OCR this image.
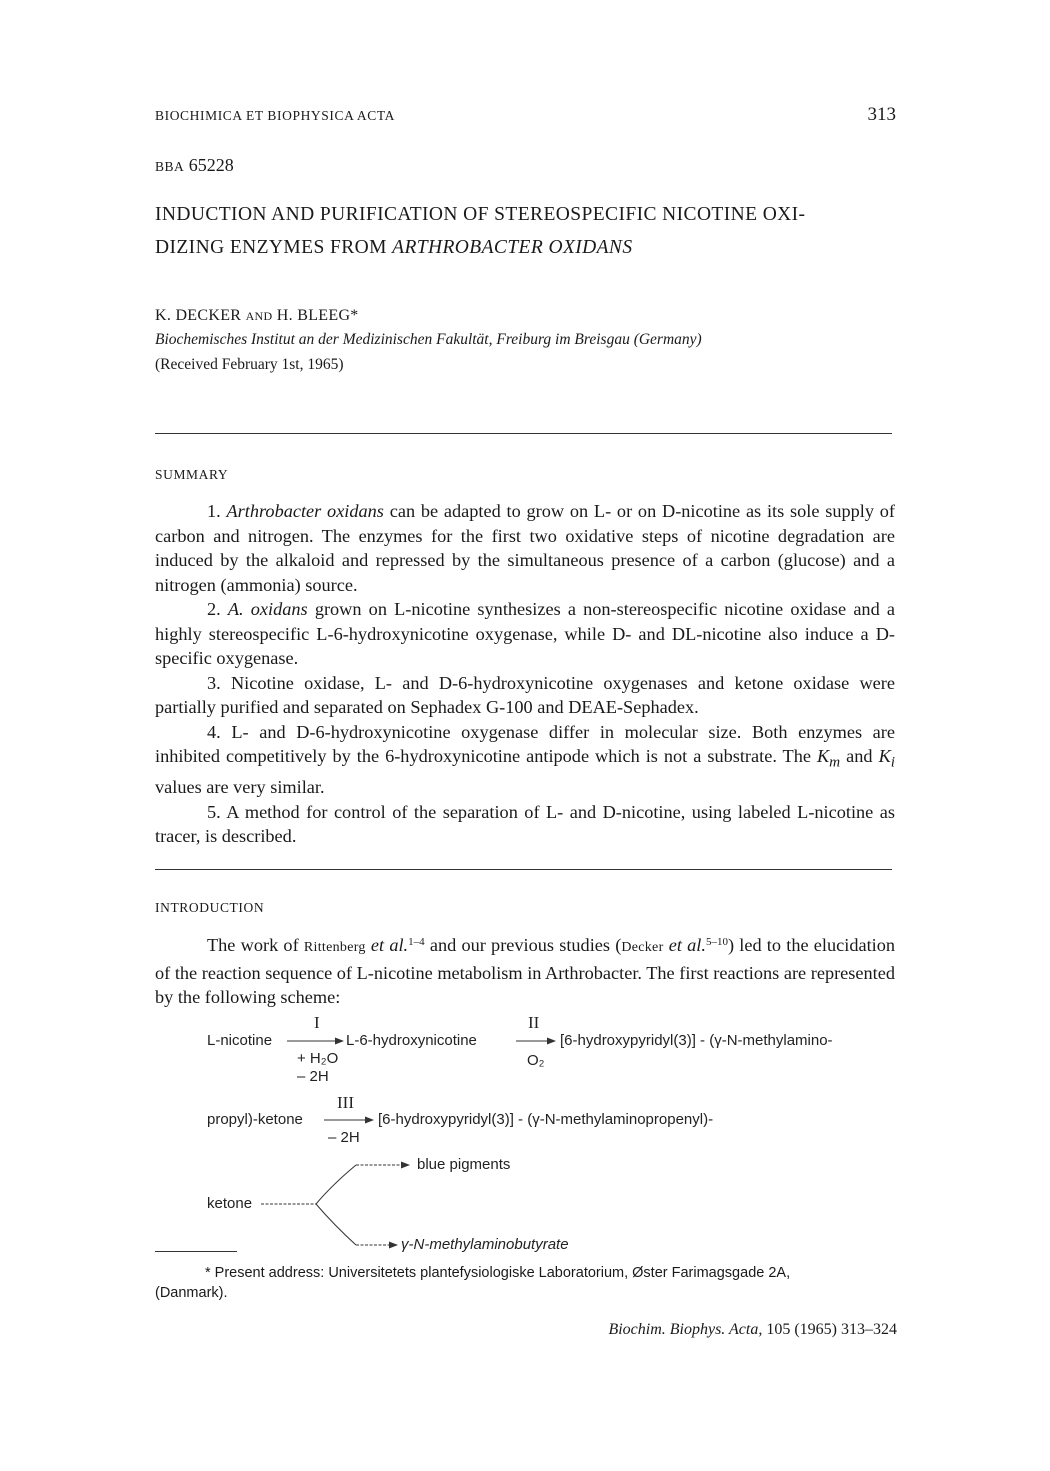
BIOCHIMICA ET BIOPHYSICA ACTA	313
BBA 65228
INDUCTION AND PURIFICATION OF STEREOSPECIFIC NICOTINE OXI-
DIZING ENZYMES FROM ARTHROBACTER OXIDANS
K. DECKER AND H. BLEEG*
Biochemisches Institut an der Medizinischen Fakultät, Freiburg im Breisgau (Germany)
(Received February 1st, 1965)
SUMMARY

1. Arthrobacter oxidans can be adapted to grow on L- or on D-nicotine as its sole supply of carbon and nitrogen. The enzymes for the first two oxidative steps of nicotine degradation are induced by the alkaloid and repressed by the simultaneous presence of a carbon (glucose) and a nitrogen (ammonia) source.

2. A. oxidans grown on L-nicotine synthesizes a non-stereospecific nicotine oxidase and a highly stereospecific L-6-hydroxynicotine oxygenase, while D- and DL-nicotine also induce a D-specific oxygenase.

3. Nicotine oxidase, L- and D-6-hydroxynicotine oxygenases and ketone oxidase were partially purified and separated on Sephadex G-100 and DEAE-Sephadex.

4. L- and D-6-hydroxynicotine oxygenase differ in molecular size. Both enzymes are inhibited competitively by the 6-hydroxynicotine antipode which is not a substrate. The $K_m$ and $K_i$ values are very similar.

5. A method for control of the separation of L- and D-nicotine, using labeled L-nicotine as tracer, is described.

INTRODUCTION

The work of Rittenberg et al.$^{1-4}$ and our previous studies (Decker et al.$^{5-10}$) led to the elucidation of the reaction sequence of L-nicotine metabolism in Arthrobacter. The first reactions are represented by the following scheme:

I	II
L-nicotine	L-6-hydroxynicotine	[6-hydroxypyridyl(3)] - (γ-N-methylamino-
+ H₂O	O₂
– 2H
III
propyl)-ketone	[6-hydroxypyridyl(3)] - (γ-N-methylaminopropenyl)-
– 2H
ketone
blue pigments
γ-N-methylaminobutyrate

* Present address: Universitetets plantefysiologiske Laboratorium, Øster Farimagsgade 2A,

(Danmark).
Biochim. Biophys. Acta, 105 (1965) 313–324
